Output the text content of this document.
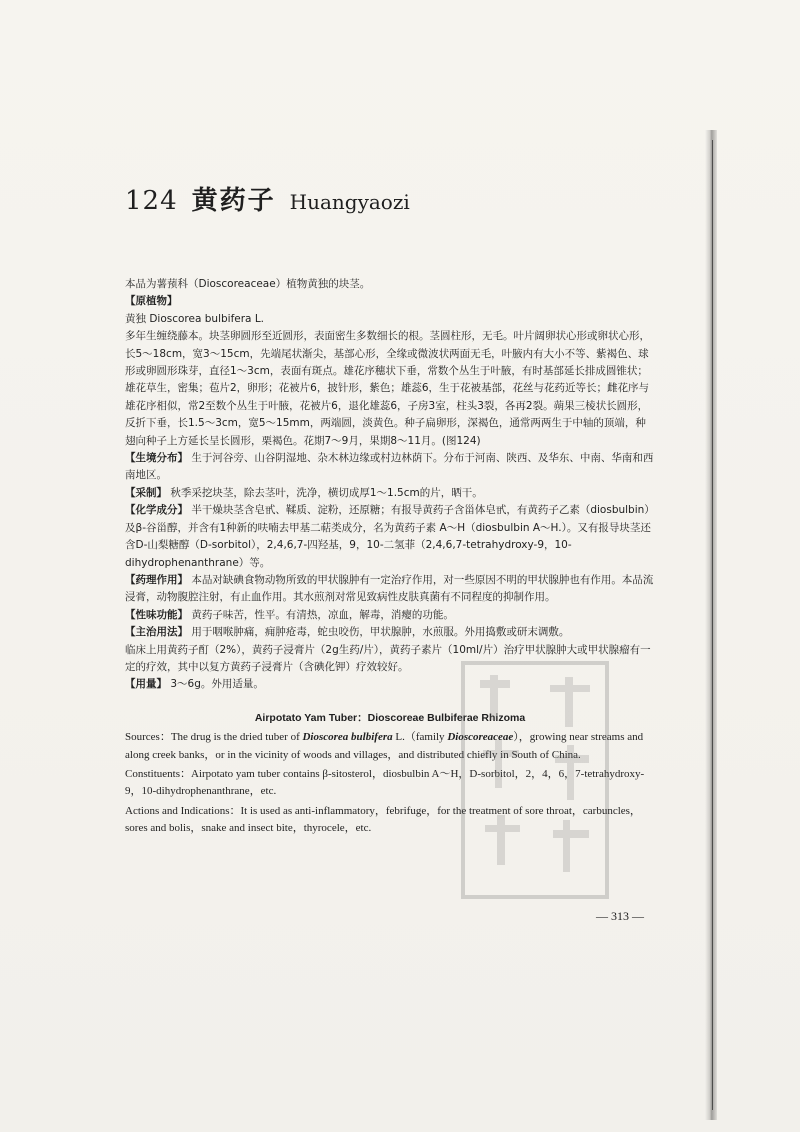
124 黄药子 Huangyaozi

本品为薯蓣科（Dioscoreaceae）植物黄独的块茎。

【原植物】

黄独 Dioscorea bulbifera L.

多年生缠绕藤本。块茎卵圆形至近圆形，表面密生多数细长的根。茎圆柱形，无毛。叶片阔卵状心形或卵状心形，长5～18cm，宽3～15cm，先端尾状渐尖，基部心形，全缘或微波状两面无毛，叶腋内有大小不等、紫褐色、球形或卵圆形珠芽，直径1～3cm，表面有斑点。雄花序穗状下垂，常数个丛生于叶腋，有时基部延长排成圆锥状；雄花草生，密集；苞片2，卵形；花被片6，披针形，紫色；雄蕊6，生于花被基部，花丝与花药近等长；雌花序与雄花序相似，常2至数个丛生于叶腋，花被片6，退化雄蕊6，子房3室，柱头3裂，各再2裂。蒴果三棱状长圆形，反折下垂，长1.5～3cm，宽5～15mm，两端圆，淡黄色。种子扁卵形，深褐色，通常两两生于中轴的顶端，种翅向种子上方延长呈长圆形，栗褐色。花期7～9月，果期8～11月。(图124)

【生境分布】 生于河谷旁、山谷阴湿地、杂木林边缘或村边林荫下。分布于河南、陕西、及华东、中南、华南和西南地区。

【采制】 秋季采挖块茎，除去茎叶，洗净，横切成厚1～1.5cm的片，晒干。

【化学成分】 半干燥块茎含皂甙、鞣质、淀粉，还原糖；有报导黄药子含甾体皂甙，有黄药子乙素（diosbulbin）及β-谷甾醇，并含有1种新的呋喃去甲基二萜类成分，名为黄药子素 A～H（diosbulbin A～H.）。又有报导块茎还含D-山梨糖醇（D-sorbitol），2,4,6,7-四羟基，9，10-二氢菲（2,4,6,7-tetrahydroxy-9，10-dihydrophenanthrane）等。

【药理作用】 本品对缺碘食物动物所致的甲状腺肿有一定治疗作用，对一些原因不明的甲状腺肿也有作用。本品流浸膏，动物腹腔注射，有止血作用。其水煎剂对常见致病性皮肤真菌有不同程度的抑制作用。

【性味功能】 黄药子味苦，性平。有清热，凉血，解毒，消瘿的功能。

【主治用法】 用于咽喉肿痛，痈肿疮毒，蛇虫咬伤，甲状腺肿，水煎服。外用捣敷或研末调敷。

临床上用黄药子酊（2%），黄药子浸膏片（2g生药/片），黄药子素片（10ml/片）治疗甲状腺肿大或甲状腺瘤有一定的疗效，其中以复方黄药子浸膏片（含碘化钾）疗效较好。

【用量】 3～6g。外用适量。

Airpotato Yam Tuber：Dioscoreae Bulbiferae Rhizoma

Sources：The drug is the dried tuber of Dioscorea bulbifera L.（family Dioscoreaceae），growing near streams and along creek banks，or in the vicinity of woods and villages，and distributed chiefly in South of China.

Constituents：Airpotato yam tuber contains β-sitosterol，diosbulbin A～H，D-sorbitol，2，4，6，7-tetrahydroxy-9，10-dihydrophenanthrane，etc.

Actions and Indications：It is used as anti-inflammatory，febrifuge，for the treatment of sore throat，carbuncles，sores and bolis，snake and insect bite，thyrocele，etc.

— 313 —
